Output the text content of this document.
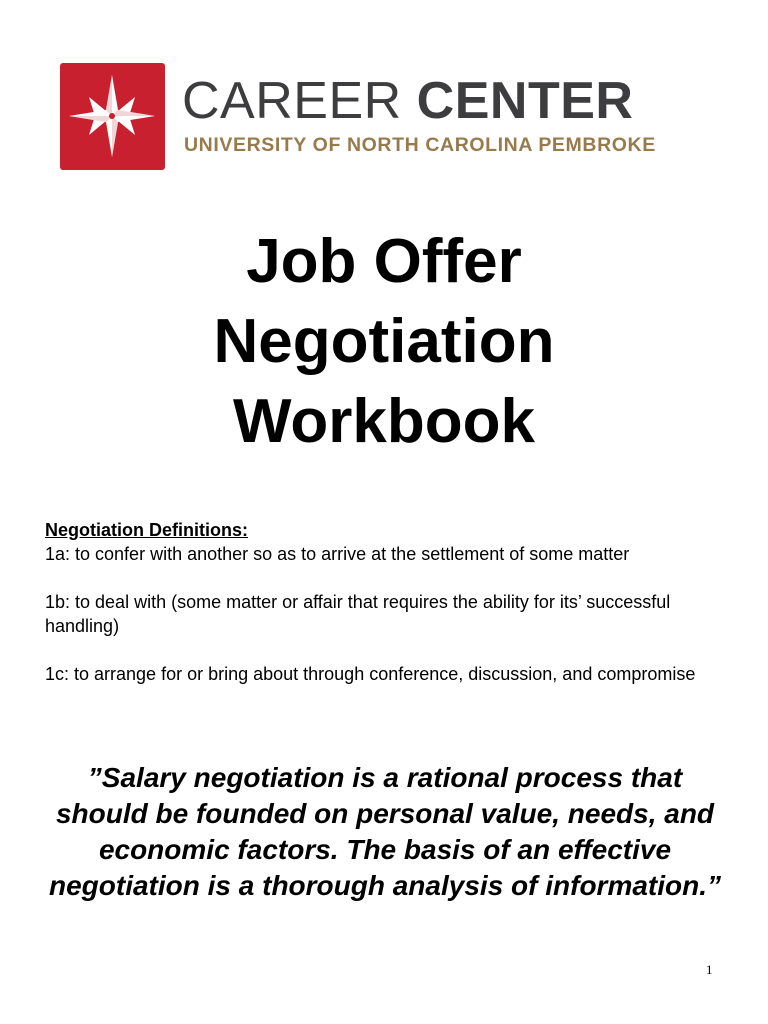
CAREER CENTER
UNIVERSITY OF NORTH CAROLINA PEMBROKE
Job Offer
Negotiation
Workbook

Negotiation Definitions:

1a: to confer with another so as to arrive at the settlement of some matter

1b: to deal with (some matter or affair that requires the ability for its’ successful handling)

1c: to arrange for or bring about through conference, discussion, and compromise

”Salary negotiation is a rational process that should be founded on personal value, needs, and economic factors. The basis of an effective negotiation is a thorough analysis of information.”
1
